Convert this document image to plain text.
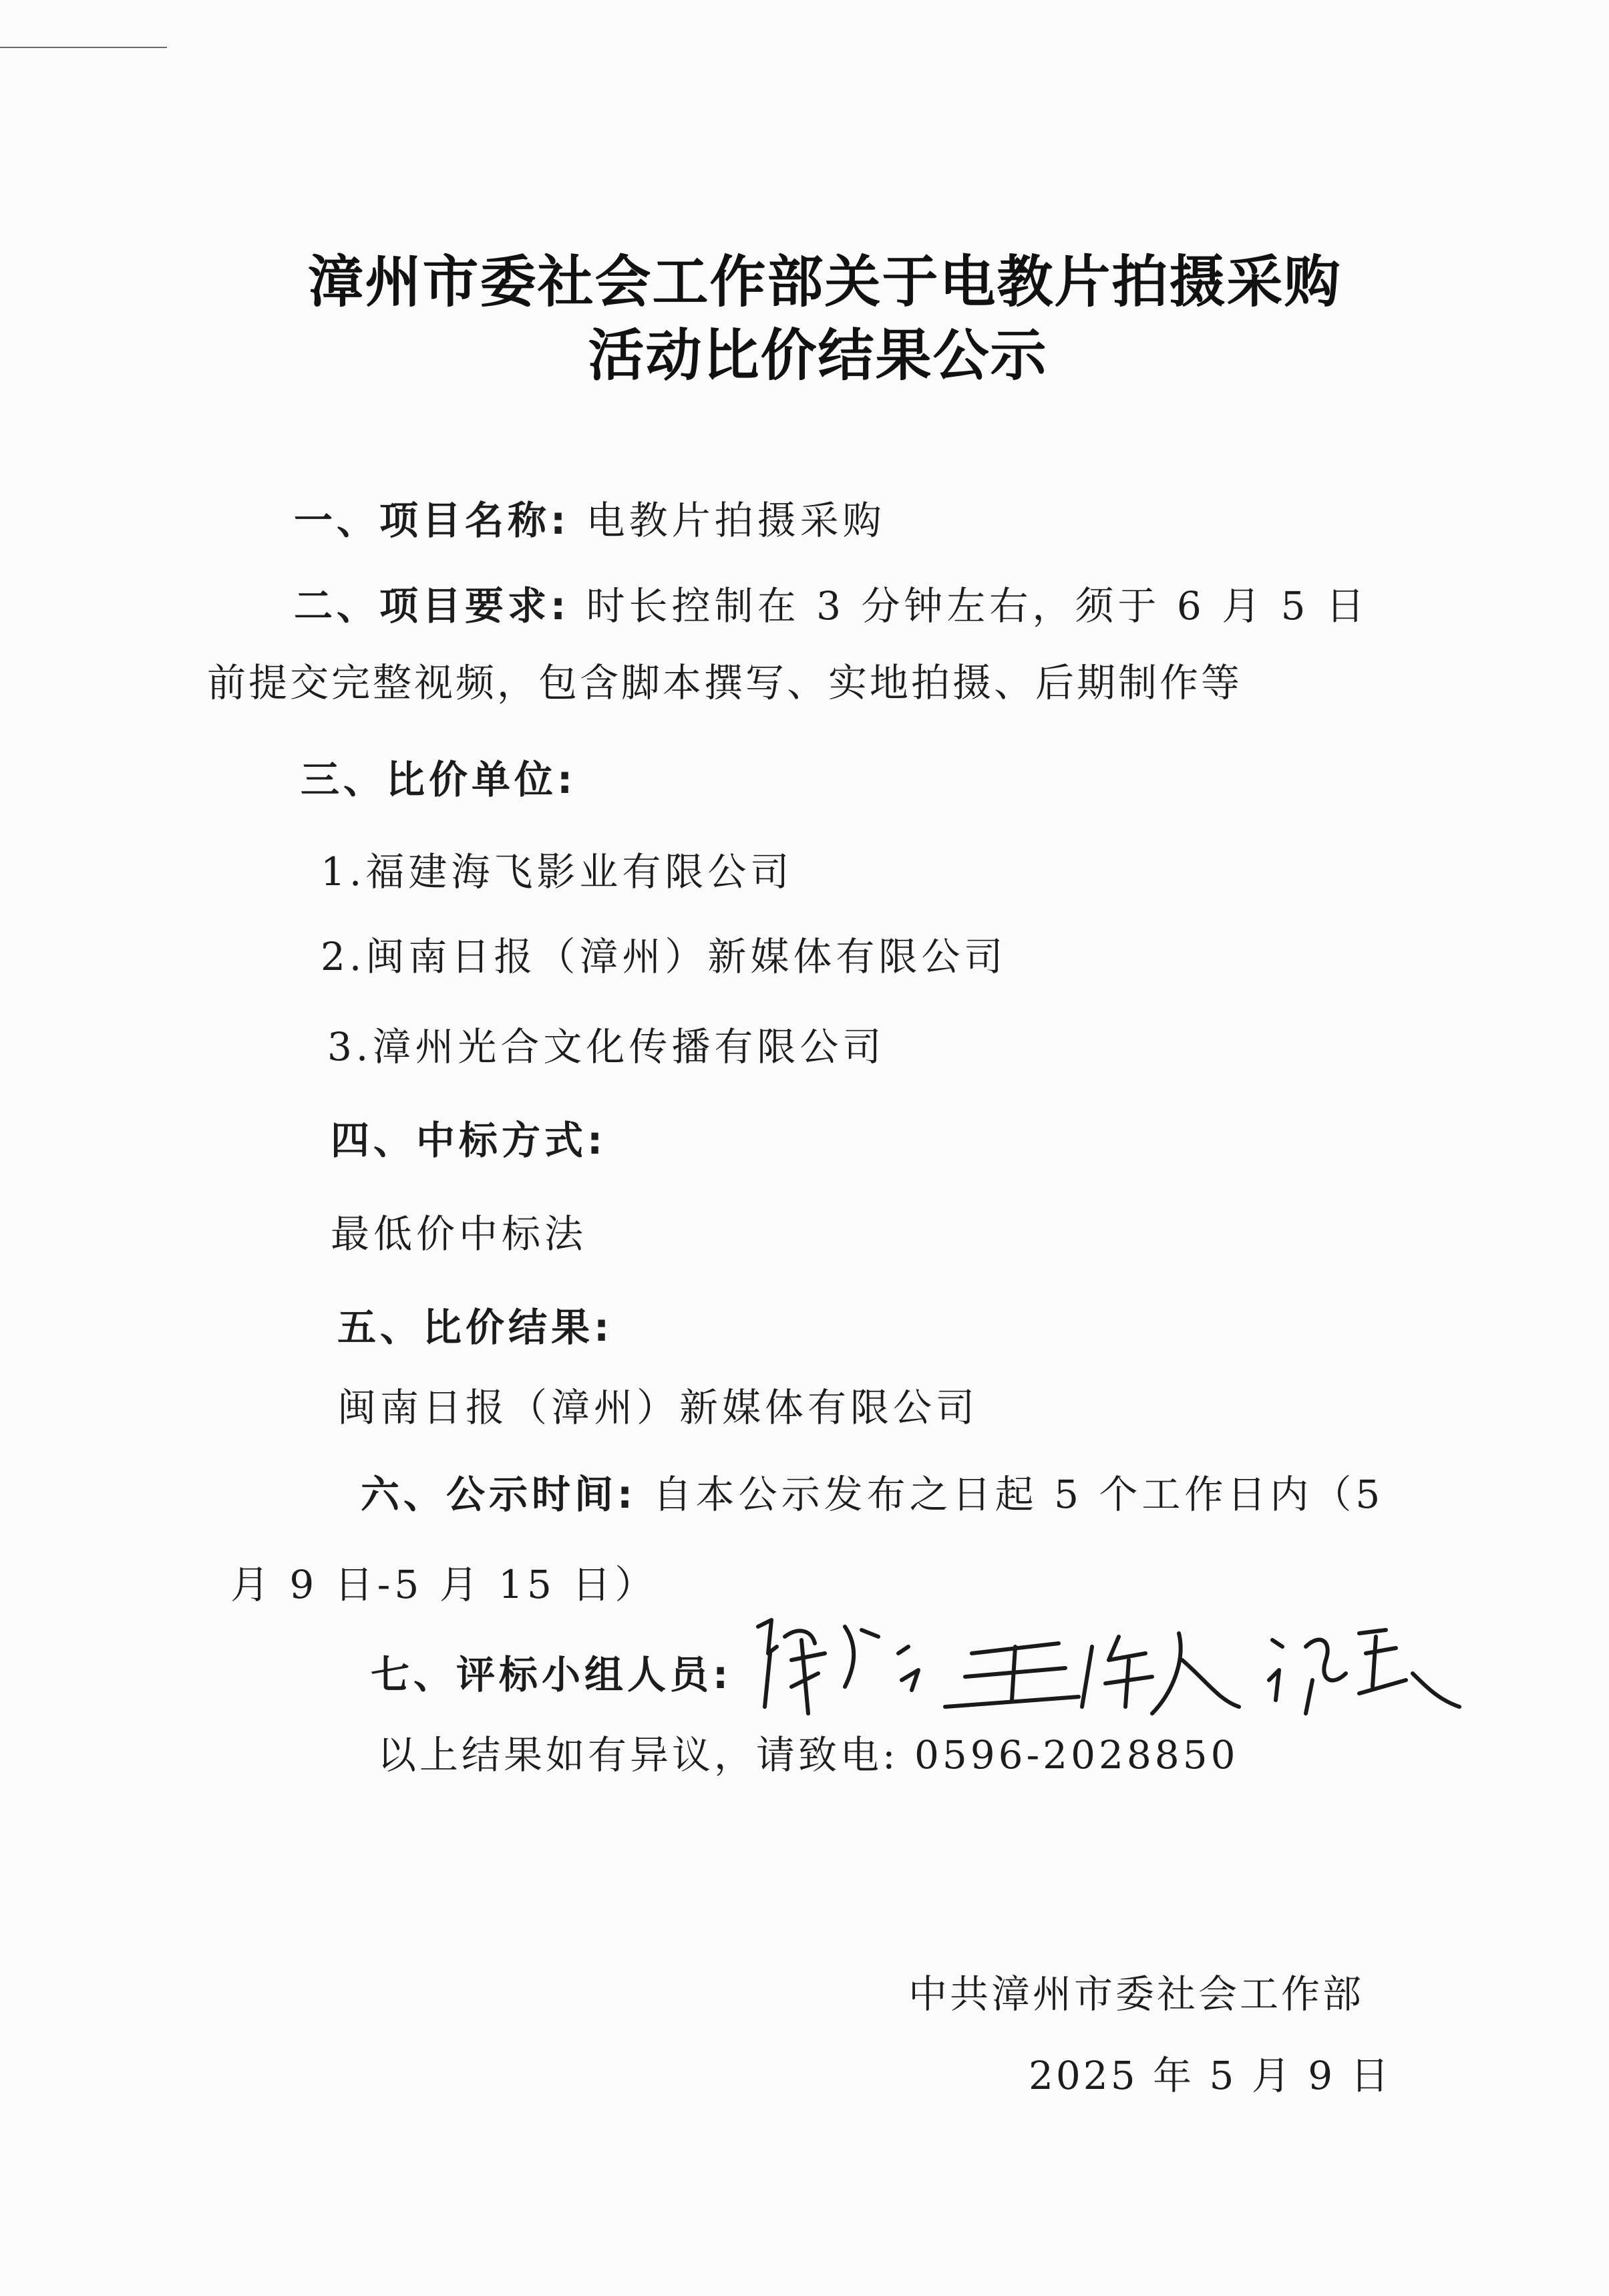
漳州市委社会工作部关于电教片拍摄采购
活动比价结果公示
一、项目名称: 电教片拍摄采购
二、项目要求: 时长控制在 3 分钟左右，须于 6 月 5 日
前提交完整视频，包含脚本撰写、实地拍摄、后期制作等
三、比价单位:
1.福建海飞影业有限公司
2.闽南日报（漳州）新媒体有限公司
3.漳州光合文化传播有限公司
四、中标方式:
最低价中标法
五、比价结果:
闽南日报（漳州）新媒体有限公司
六、公示时间: 自本公示发布之日起 5 个工作日内（5
月 9 日-5 月 15 日）
七、评标小组人员:
以上结果如有异议，请致电: 0596-2028850
中共漳州市委社会工作部
2025 年 5 月 9 日
